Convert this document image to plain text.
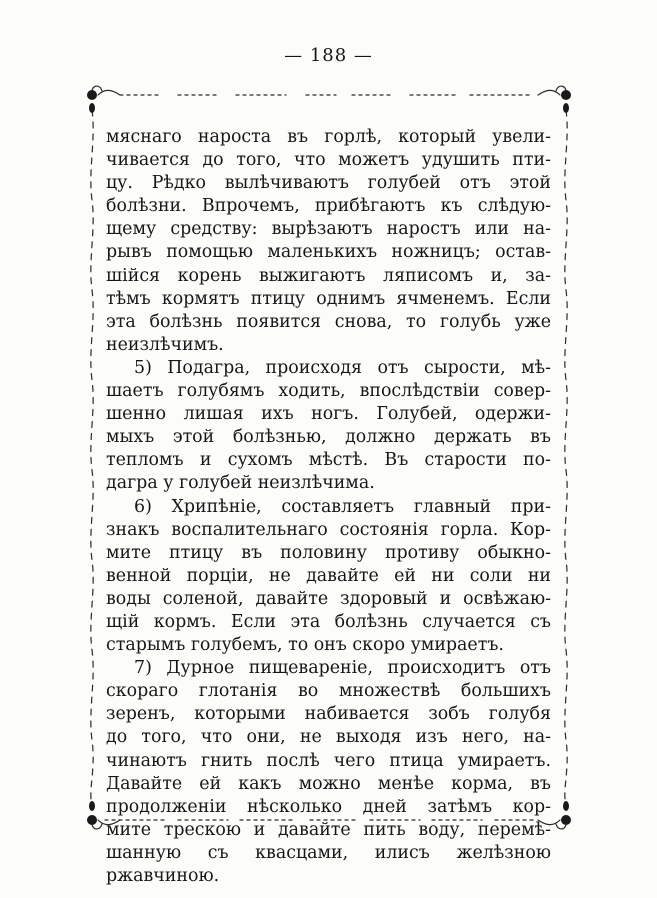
— 188 —

мяснаго нароста въ горлѣ, который увели-

чивается до того, что можетъ удушить пти-

цу. Рѣдко вылѣчиваютъ голубей отъ этой

болѣзни. Впрочемъ, прибѣгаютъ къ слѣдую-

щему средству: вырѣзаютъ наростъ или на-

рывъ помощью маленькихъ ножницъ; остав-

шійся корень выжигаютъ ляписомъ и, за-

тѣмъ кормятъ птицу однимъ ячменемъ. Если

эта болѣзнь появится снова, то голубь уже

неизлѣчимъ.

5) Подагра, происходя отъ сырости, мѣ-

шаетъ голубямъ ходить, впослѣдствіи совер-

шенно лишая ихъ ногъ. Голубей, одержи-

мыхъ этой болѣзнью, должно держать въ

тепломъ и сухомъ мѣстѣ. Въ старости по-

дагра у голубей неизлѣчима.

6) Хрипѣніе, составляетъ главный при-

знакъ воспалительнаго состоянія горла. Кор-

мите птицу въ половину противу обыкно-

венной порціи, не давайте ей ни соли ни

воды соленой, давайте здоровый и освѣжаю-

щій кормъ. Если эта болѣзнь случается съ

старымъ голубемъ, то онъ скоро умираетъ.

7) Дурное пищевареніе, происходитъ отъ

скораго глотанія во множествѣ большихъ

зеренъ, которыми набивается зобъ голубя

до того, что они, не выходя изъ него, на-

чинаютъ гнить послѣ чего птица умираетъ.

Давайте ей какъ можно менѣе корма, въ

продолженіи нѣсколько дней затѣмъ кор-

мите трескою и давайте пить воду, перемѣ-

шанную съ квасцами, илисъ желѣзною

ржавчиною.
